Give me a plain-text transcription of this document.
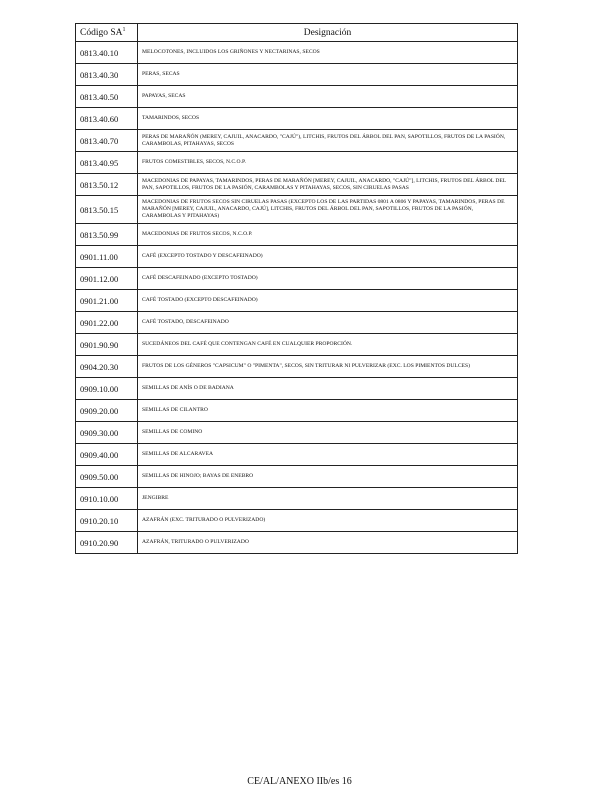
Código SA$^1$	Designación
0813.40.10	MELOCOTONES, INCLUIDOS LOS GRIÑONES Y NECTARINAS, SECOS
0813.40.30	PERAS, SECAS
0813.40.50	PAPAYAS, SECAS
0813.40.60	TAMARINDOS, SECOS
0813.40.70	PERAS DE MARAÑÓN (MEREY, CAJUIL, ANACARDO, "CAJÚ"), LITCHIS, FRUTOS DEL ÁRBOL DEL PAN, SAPOTILLOS, FRUTOS DE LA PASIÓN, CARAMBOLAS, PITAHAYAS, SECOS
0813.40.95	FRUTOS COMESTIBLES, SECOS, N.C.O.P.
0813.50.12	MACEDONIAS DE PAPAYAS, TAMARINDOS, PERAS DE MARAÑÓN [MEREY, CAJUIL, ANACARDO, "CAJÚ"], LITCHIS, FRUTOS DEL ÁRBOL DEL PAN, SAPOTILLOS, FRUTOS DE LA PASIÓN, CARAMBOLAS Y PITAHAYAS, SECOS, SIN CIRUELAS PASAS
0813.50.15	MACEDONIAS DE FRUTOS SECOS SIN CIRUELAS PASAS (EXCEPTO LOS DE LAS PARTIDAS 0801 A 0806 Y PAPAYAS, TAMARINDOS, PERAS DE MARAÑÓN [MEREY, CAJUIL, ANACARDO, CAJÚ], LITCHIS, FRUTOS DEL ÁRBOL DEL PAN, SAPOTILLOS, FRUTOS DE LA PASIÓN, CARAMBOLAS Y PITAHAYAS)
0813.50.99	MACEDONIAS DE FRUTOS SECOS, N.C.O.P.
0901.11.00	CAFÉ (EXCEPTO TOSTADO Y DESCAFEINADO)
0901.12.00	CAFÉ DESCAFEINADO (EXCEPTO TOSTADO)
0901.21.00	CAFÉ TOSTADO (EXCEPTO DESCAFEINADO)
0901.22.00	CAFÉ TOSTADO, DESCAFEINADO
0901.90.90	SUCEDÁNEOS DEL CAFÉ QUE CONTENGAN CAFÉ EN CUALQUIER PROPORCIÓN.
0904.20.30	FRUTOS DE LOS GÉNEROS "CAPSICUM" O "PIMENTA", SECOS, SIN TRITURAR NI PULVERIZAR (EXC. LOS PIMIENTOS DULCES)
0909.10.00	SEMILLAS DE ANÍS O DE BADIANA
0909.20.00	SEMILLAS DE CILANTRO
0909.30.00	SEMILLAS DE COMINO
0909.40.00	SEMILLAS DE ALCARAVEA
0909.50.00	SEMILLAS DE HINOJO; BAYAS DE ENEBRO
0910.10.00	JENGIBRE
0910.20.10	AZAFRÁN (EXC. TRITURADO O PULVERIZADO)
0910.20.90	AZAFRÁN, TRITURADO O PULVERIZADO
CE/AL/ANEXO IIb/es 16
